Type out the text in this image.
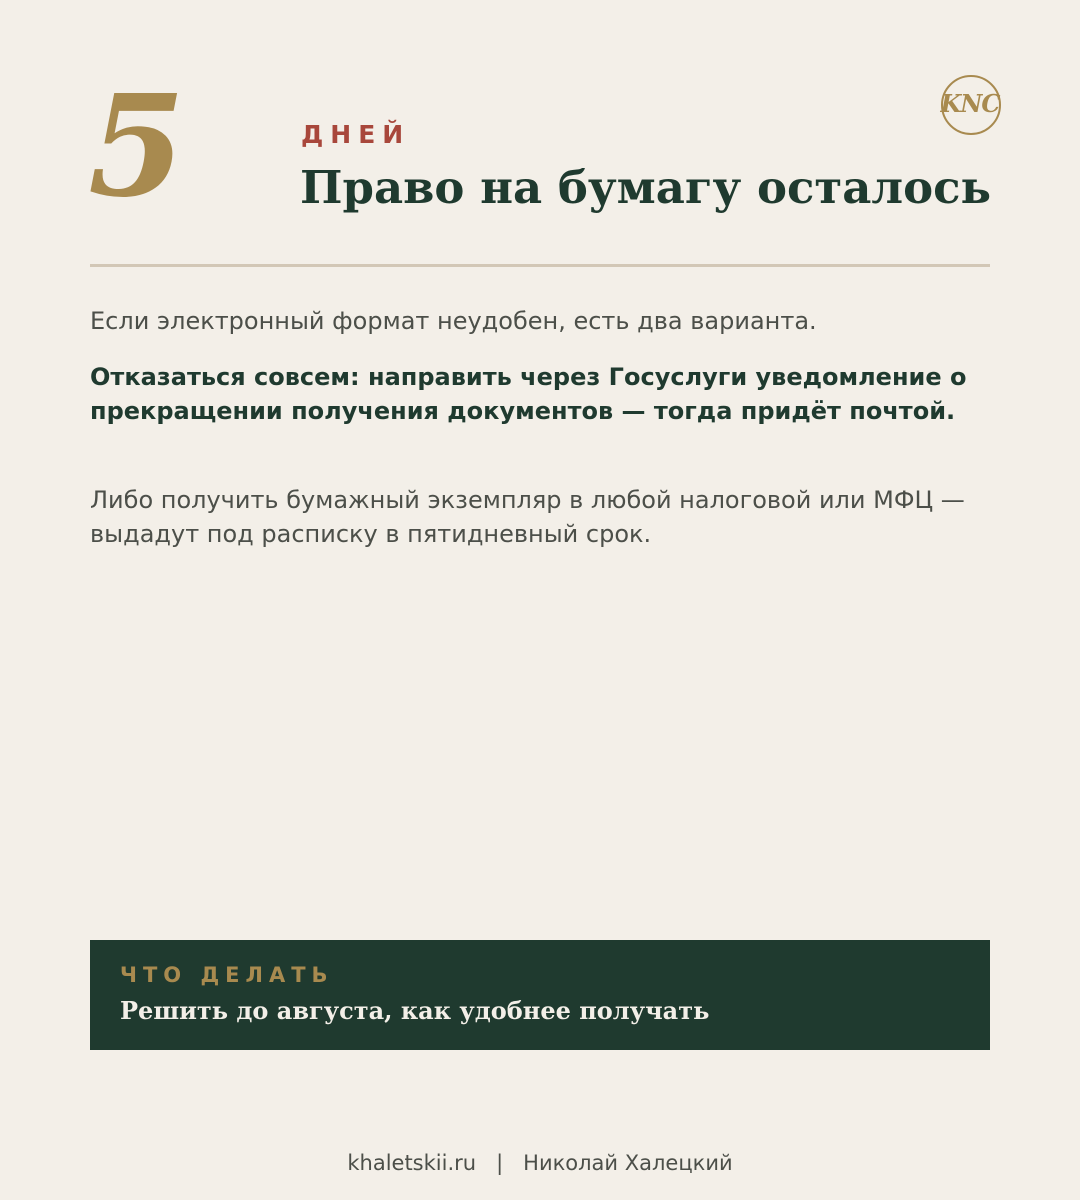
5	ДНЕЙ
Право на бумагу осталось
KNC

Если электронный формат неудобен, есть два варианта.

Отказаться совсем: направить через Госуслуги уведомление о прекращении получения документов — тогда придёт почтой.

Либо получить бумажный экземпляр в любой налоговой или МФЦ — выдадут под расписку в пятидневный срок.

ЧТО ДЕЛАТЬ
Решить до августа, как удобнее получать
khaletskii.ru | Николай Халецкий
